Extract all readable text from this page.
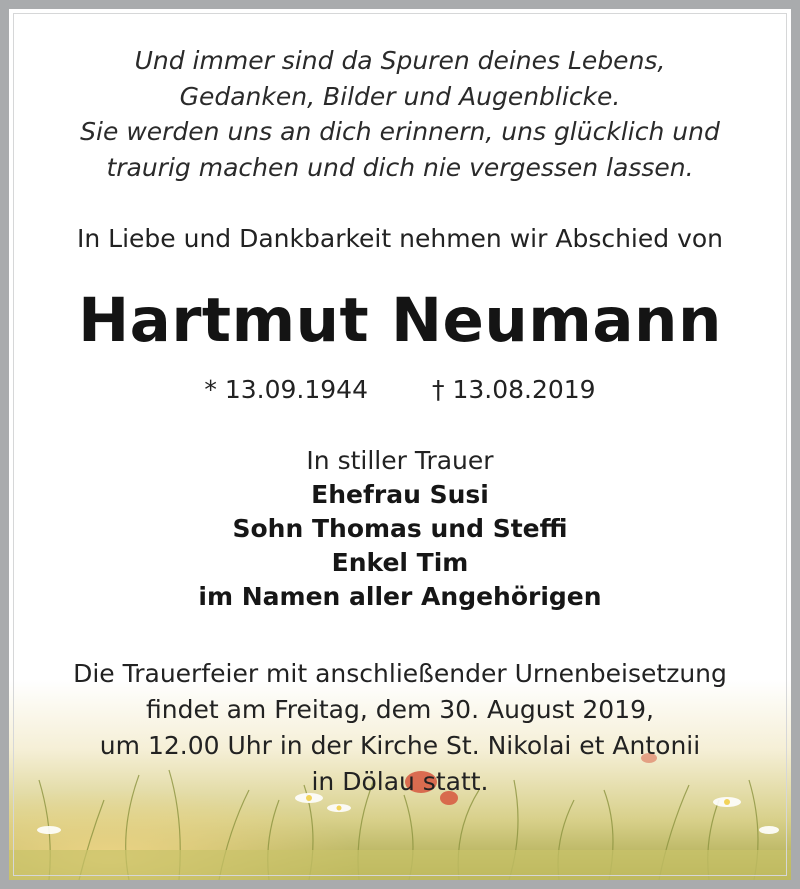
Und immer sind da Spuren deines Lebens,
Gedanken, Bilder und Augenblicke.
Sie werden uns an dich erinnern, uns glücklich und
traurig machen und dich nie vergessen lassen.
In Liebe und Dankbarkeit nehmen wir Abschied von
Hartmut Neumann
* 13.09.1944	† 13.08.2019
In stiller Trauer
Ehefrau Susi
Sohn Thomas und Steffi
Enkel Tim
im Namen aller Angehörigen
Die Trauerfeier mit anschließender Urnenbeisetzung
findet am Freitag, dem 30. August 2019,
um 12.00 Uhr in der Kirche St. Nikolai et Antonii
in Dölau statt.
